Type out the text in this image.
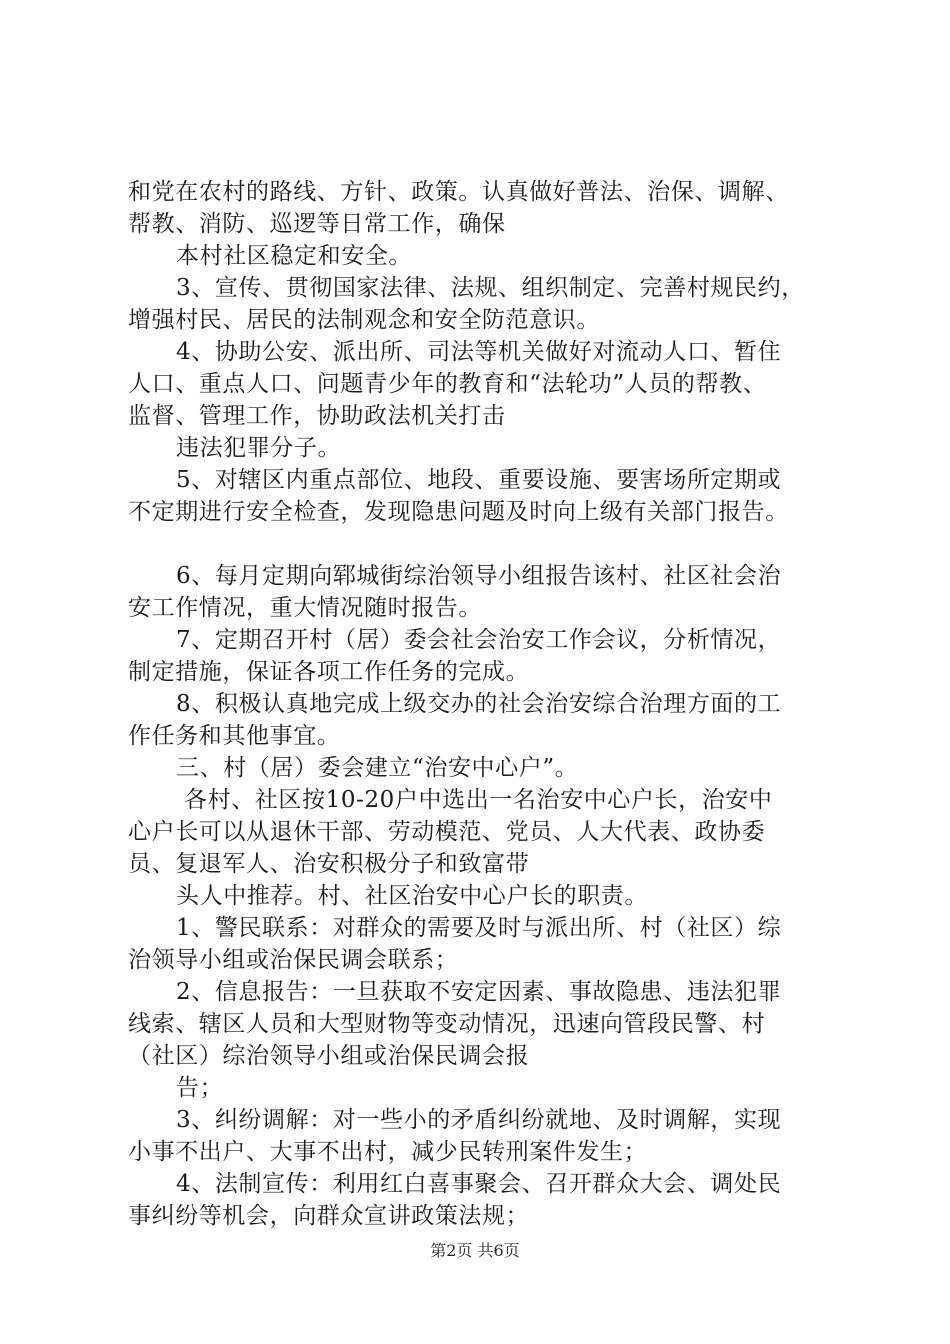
和党在农村的路线、方针、政策。认真做好普法、治保、调解、
帮教、消防、巡逻等日常工作，确保
本村社区稳定和安全。
3、宣传、贯彻国家法律、法规、组织制定、完善村规民约，
增强村民、居民的法制观念和安全防范意识。
4、协助公安、派出所、司法等机关做好对流动人口、暂住
人口、重点人口、问题青少年的教育和“法轮功”人员的帮教、
监督、管理工作，协助政法机关打击
违法犯罪分子。
5、对辖区内重点部位、地段、重要设施、要害场所定期或
不定期进行安全检查，发现隐患问题及时向上级有关部门报告。
6、每月定期向郓城街综治领导小组报告该村、社区社会治
安工作情况，重大情况随时报告。
7、定期召开村（居）委会社会治安工作会议，分析情况，
制定措施，保证各项工作任务的完成。
8、积极认真地完成上级交办的社会治安综合治理方面的工
作任务和其他事宜。
三、村（居）委会建立“治安中心户”。
各村、社区按10-20户中选出一名治安中心户长，治安中
心户长可以从退休干部、劳动模范、党员、人大代表、政协委
员、复退军人、治安积极分子和致富带
头人中推荐。村、社区治安中心户长的职责。
1、警民联系：对群众的需要及时与派出所、村（社区）综
治领导小组或治保民调会联系；
2、信息报告：一旦获取不安定因素、事故隐患、违法犯罪
线索、辖区人员和大型财物等变动情况，迅速向管段民警、村
（社区）综治领导小组或治保民调会报
告；
3、纠纷调解：对一些小的矛盾纠纷就地、及时调解，实现
小事不出户、大事不出村，减少民转刑案件发生；
4、法制宣传：利用红白喜事聚会、召开群众大会、调处民
事纠纷等机会，向群众宣讲政策法规；
第2页 共6页
